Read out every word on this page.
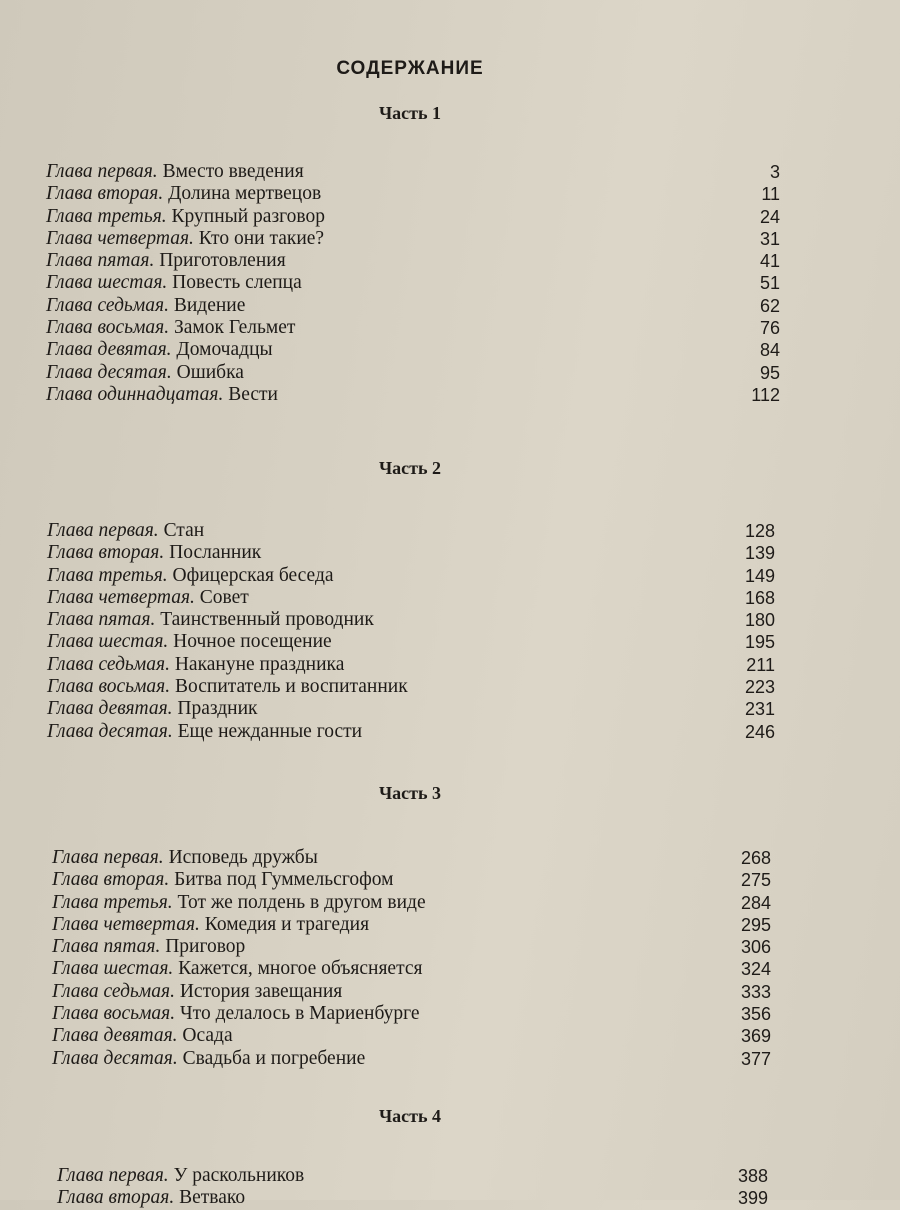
СОДЕРЖАНИЕ
Часть 1
Глава первая. Вместо введения	3
Глава вторая. Долина мертвецов	11
Глава третья. Крупный разговор	24
Глава четвертая. Кто они такие?	31
Глава пятая. Приготовления	41
Глава шестая. Повесть слепца	51
Глава седьмая. Видение	62
Глава восьмая. Замок Гельмет	76
Глава девятая. Домочадцы	84
Глава десятая. Ошибка	95
Глава одиннадцатая. Вести	112
Часть 2
Глава первая. Стан	128
Глава вторая. Посланник	139
Глава третья. Офицерская беседа	149
Глава четвертая. Совет	168
Глава пятая. Таинственный проводник	180
Глава шестая. Ночное посещение	195
Глава седьмая. Накануне праздника	211
Глава восьмая. Воспитатель и воспитанник	223
Глава девятая. Праздник	231
Глава десятая. Еще нежданные гости	246
Часть 3
Глава первая. Исповедь дружбы	268
Глава вторая. Битва под Гуммельсгофом	275
Глава третья. Тот же полдень в другом виде	284
Глава четвертая. Комедия и трагедия	295
Глава пятая. Приговор	306
Глава шестая. Кажется, многое объясняется	324
Глава седьмая. История завещания	333
Глава восьмая. Что делалось в Мариенбурге	356
Глава девятая. Осада	369
Глава десятая. Свадьба и погребение	377
Часть 4
Глава первая. У раскольников	388
Глава вторая. Ветвако	399
